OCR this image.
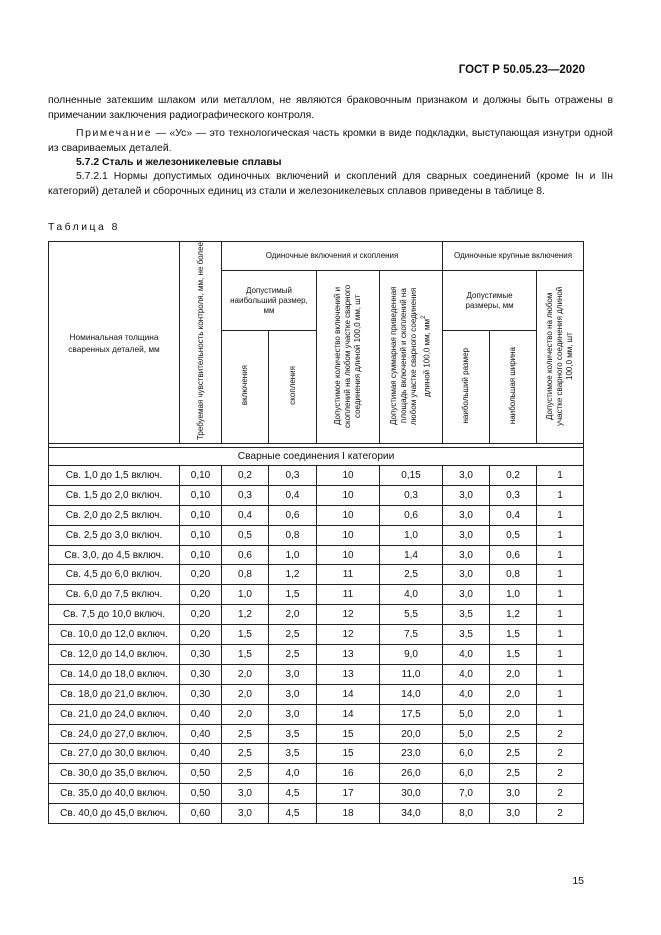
ГОСТ Р 50.05.23—2020
полненные затекшим шлаком или металлом, не являются браковочным признаком и должны быть отражены в примечании заключения радиографического контроля.
Примечание — «Ус» — это технологическая часть кромки в виде подкладки, выступающая изнутри одной из свариваемых деталей.
5.7.2 Сталь и железоникелевые сплавы
5.7.2.1 Нормы допустимых одиночных включений и скоплений для сварных соединений (кроме Iн и IIн категорий) деталей и сборочных единиц из стали и железоникелевых сплавов приведены в таблице 8.
Таблица 8
Номинальная толщина сваренных деталей, мм	Требуемая чувствительность контроля, мм, не более	Одиночные включения и скопления				Одиночные крупные включения		
		Допустимый наибольший размер, мм		Допустимое количество включений и скоплений на любом участке сварного соединения длиной 100,0 мм, шт	Допустимая суммарная приведенная площадь включений и скоплений на любом участке сварного соединения длиной 100,0 мм, $мм^2$	Допустимые размеры, мм		Допустимое количество на любом участке сварного соединения длиной 100,0 мм, шт
		включения	скопления			наибольший размер	наибольшая ширина	

Сварные соединения I категории								
Св. 1,0 до 1,5 включ.	0,10	0,2	0,3	10	0,15	3,0	0,2	1
Св. 1,5 до 2,0 включ.	0,10	0,3	0,4	10	0,3	3,0	0,3	1
Св. 2,0 до 2,5 включ.	0,10	0,4	0,6	10	0,6	3,0	0,4	1
Св. 2,5 до 3,0 включ.	0,10	0,5	0,8	10	1,0	3,0	0,5	1
Св. 3,0, до 4,5 включ.	0,10	0,6	1,0	10	1,4	3,0	0,6	1
Св. 4,5 до 6,0 включ.	0,20	0,8	1,2	11	2,5	3,0	0,8	1
Св. 6,0 до 7,5 включ.	0,20	1,0	1,5	11	4,0	3,0	1,0	1
Св. 7,5 до 10,0 включ.	0,20	1,2	2,0	12	5,5	3,5	1,2	1
Св. 10,0 до 12,0 включ.	0,20	1,5	2,5	12	7,5	3,5	1,5	1
Св. 12,0 до 14,0 включ.	0,30	1,5	2,5	13	9,0	4,0	1,5	1
Св. 14,0 до 18,0 включ.	0,30	2,0	3,0	13	11,0	4,0	2,0	1
Св. 18,0 до 21,0 включ.	0,30	2,0	3,0	14	14,0	4,0	2,0	1
Св. 21,0 до 24,0 включ.	0,40	2,0	3,0	14	17,5	5,0	2,0	1
Св. 24,0 до 27,0 включ.	0,40	2,5	3,5	15	20,0	5,0	2,5	2
Св. 27,0 до 30,0 включ.	0,40	2,5	3,5	15	23,0	6,0	2,5	2
Св. 30,0 до 35,0 включ.	0,50	2,5	4,0	16	26,0	6,0	2,5	2
Св. 35,0 до 40,0 включ.	0,50	3,0	4,5	17	30,0	7,0	3,0	2
Св. 40,0 до 45,0 включ.	0,60	3,0	4,5	18	34,0	8,0	3,0	2
15
